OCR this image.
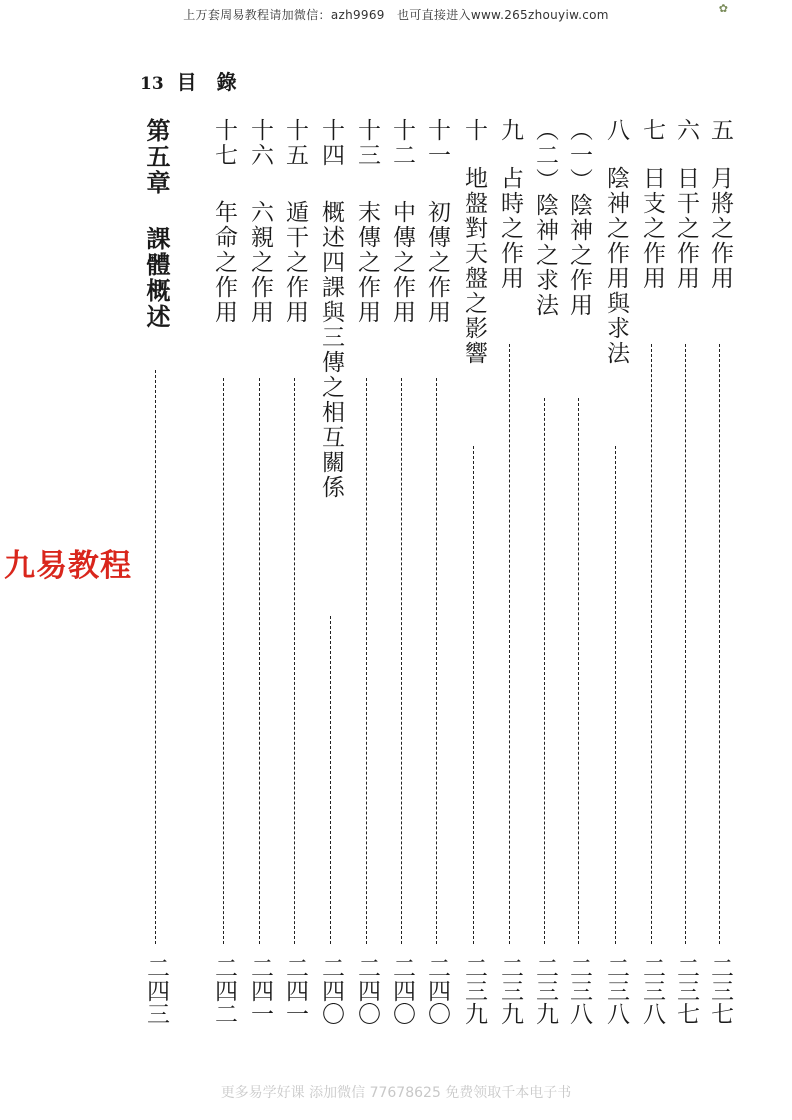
上万套周易教程请加微信：azh9969　也可直接进入www.265zhouyiw.com	✿
13 目　錄
五
月將之作用
二三七
六
日干之作用
二三七
七
日支之作用
二三八
八
陰神之作用與求法
二三八
︵一︶陰神之作用
二三八
︵二︶陰神之求法
二三九
九
占時之作用
二三九
十
地盤對天盤之影響
二三九
十一
初傳之作用
二四〇
十二
中傳之作用
二四〇
十三
末傳之作用
二四〇
十四
概述四課與三傳之相互關係
二四〇
十五
遁干之作用
二四一
十六
六親之作用
二四一
十七
年命之作用
二四二
第五章
課體概述
二四三
九易教程
更多易学好课 添加微信 77678625 免费领取千本电子书
